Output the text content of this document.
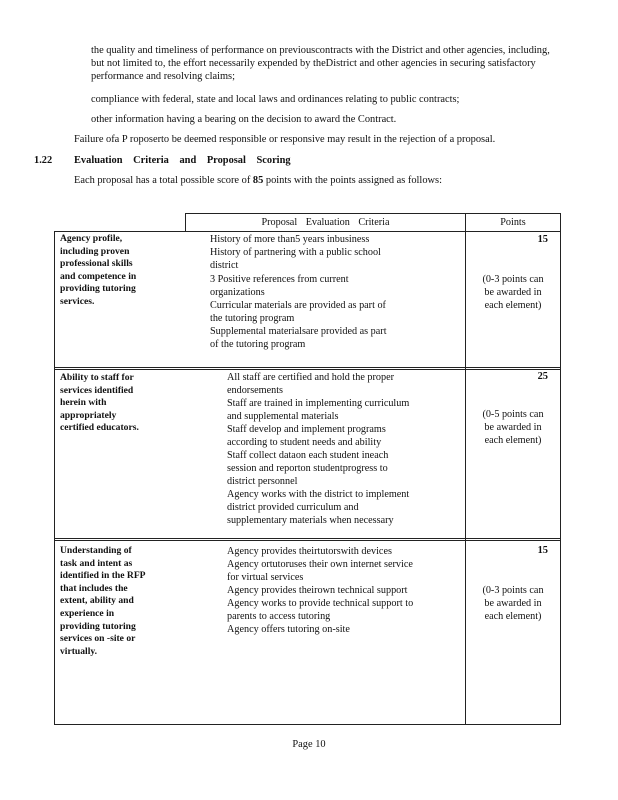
the quality and timeliness of performance on previouscontracts with the District and other agencies, including, but not limited to, the effort necessarily expended by theDistrict and other agencies in securing satisfactory performance and resolving claims;
compliance with federal, state and local laws and ordinances relating to public contracts;
other information having a bearing on the decision to award the Contract.
Failure ofa P roposerto be deemed responsible or responsive may result in the rejection of a proposal.
1.22 Evaluation Criteria and Proposal Scoring
Each proposal has a total possible score of 85 points with the points assigned as follows:
Proposal Evaluation Criteria	Points
Agency profile,
including proven
professional skills
and competence in
providing tutoring
services.
History of more than5 years inbusiness
History of partnering with a public school
district
3 Positive references from current
organizations
Curricular materials are provided as part of
the tutoring program
Supplemental materialsare provided as part
of the tutoring program
15
(0-3 points can
be awarded in
each element)
Ability to staff for
services identified
herein with
appropriately
certified educators.
All staff are certified and hold the proper
endorsements
Staff are trained in implementing curriculum
and supplemental materials
Staff develop and implement programs
according to student needs and ability
Staff collect dataon each student ineach
session and reporton studentprogress to
district personnel
Agency works with the district to implement
district provided curriculum and
supplementary materials when necessary
25
(0-5 points can
be awarded in
each element)
Understanding of
task and intent as
identified in the RFP
that includes the
extent, ability and
experience in
providing tutoring
services on -site or
virtually.
Agency provides theirtutorswith devices
Agency ortutoruses their own internet service
for virtual services
Agency provides theirown technical support
Agency works to provide technical support to
parents to access tutoring
Agency offers tutoring on-site
15
(0-3 points can
be awarded in
each element)
Page 10
